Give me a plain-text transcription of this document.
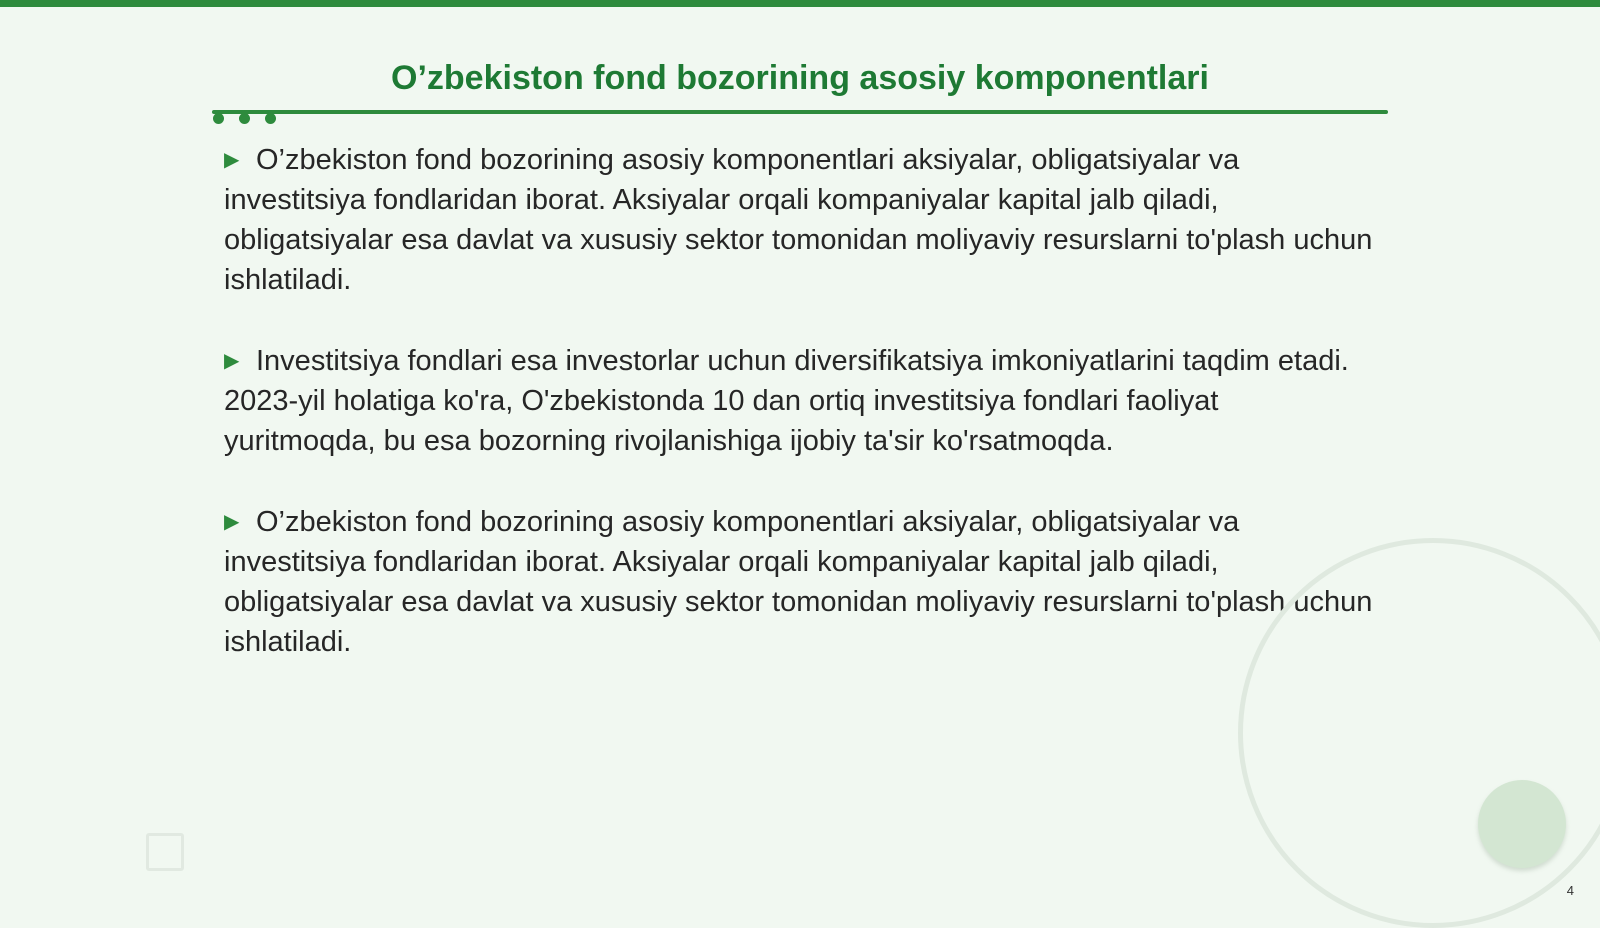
O’zbekiston fond bozorining asosiy komponentlari

▶ O’zbekiston fond bozorining asosiy komponentlari aksiyalar, obligatsiyalar va investitsiya fondlaridan iborat. Aksiyalar orqali kompaniyalar kapital jalb qiladi, obligatsiyalar esa davlat va xususiy sektor tomonidan moliyaviy resurslarni to'plash uchun ishlatiladi.

▶ Investitsiya fondlari esa investorlar uchun diversifikatsiya imkoniyatlarini taqdim etadi. 2023-yil holatiga ko'ra, O'zbekistonda 10 dan ortiq investitsiya fondlari faoliyat yuritmoqda, bu esa bozorning rivojlanishiga ijobiy ta'sir ko'rsatmoqda.

▶ O’zbekiston fond bozorining asosiy komponentlari aksiyalar, obligatsiyalar va investitsiya fondlaridan iborat. Aksiyalar orqali kompaniyalar kapital jalb qiladi, obligatsiyalar esa davlat va xususiy sektor tomonidan moliyaviy resurslarni to'plash uchun ishlatiladi.

4
